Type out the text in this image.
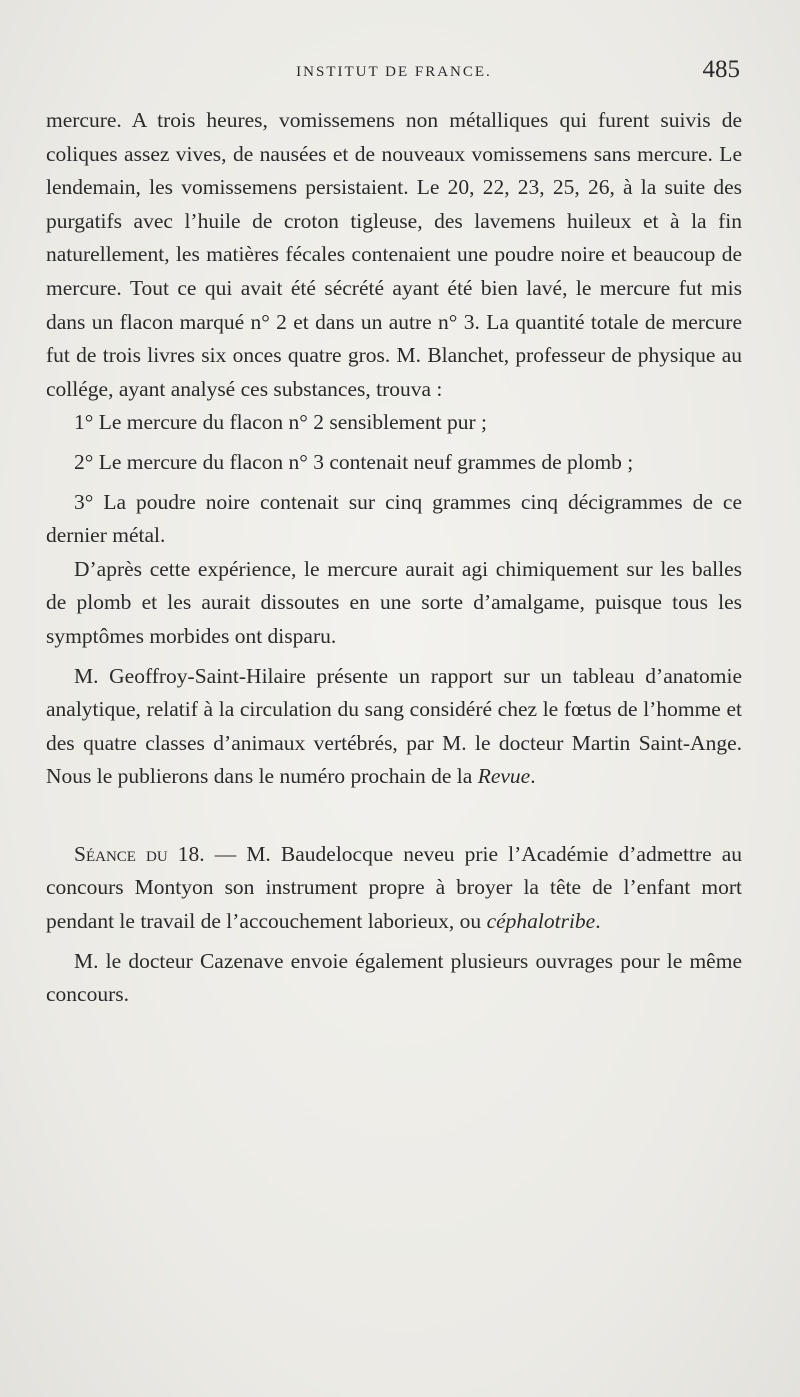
INSTITUT DE FRANCE.	485

mercure. A trois heures, vomissemens non métalliques qui furent suivis de coliques assez vives, de nausées et de nouveaux vomissemens sans mercure. Le lendemain, les vomissemens persistaient. Le 20, 22, 23, 25, 26, à la suite des purgatifs avec l’huile de croton tigleuse, des lavemens huileux et à la fin naturellement, les matières fécales contenaient une poudre noire et beaucoup de mercure. Tout ce qui avait été sécrété ayant été bien lavé, le mercure fut mis dans un flacon marqué n° 2 et dans un autre n° 3. La quantité totale de mercure fut de trois livres six onces quatre gros. M. Blanchet, professeur de physique au collége, ayant analysé ces substances, trouva :

1° Le mercure du flacon n° 2 sensiblement pur ;

2° Le mercure du flacon n° 3 contenait neuf grammes de plomb ;

3° La poudre noire contenait sur cinq grammes cinq décigrammes de ce dernier métal.

D’après cette expérience, le mercure aurait agi chimiquement sur les balles de plomb et les aurait dissoutes en une sorte d’amalgame, puisque tous les symptômes morbides ont disparu.

M. Geoffroy-Saint-Hilaire présente un rapport sur un tableau d’anatomie analytique, relatif à la circulation du sang considéré chez le fœtus de l’homme et des quatre classes d’animaux vertébrés, par M. le docteur Martin Saint-Ange. Nous le publierons dans le numéro prochain de la Revue.

Séance du 18. — M. Baudelocque neveu prie l’Académie d’admettre au concours Montyon son instrument propre à broyer la tête de l’enfant mort pendant le travail de l’accouchement laborieux, ou céphalotribe.

M. le docteur Cazenave envoie également plusieurs ouvrages pour le même concours.
